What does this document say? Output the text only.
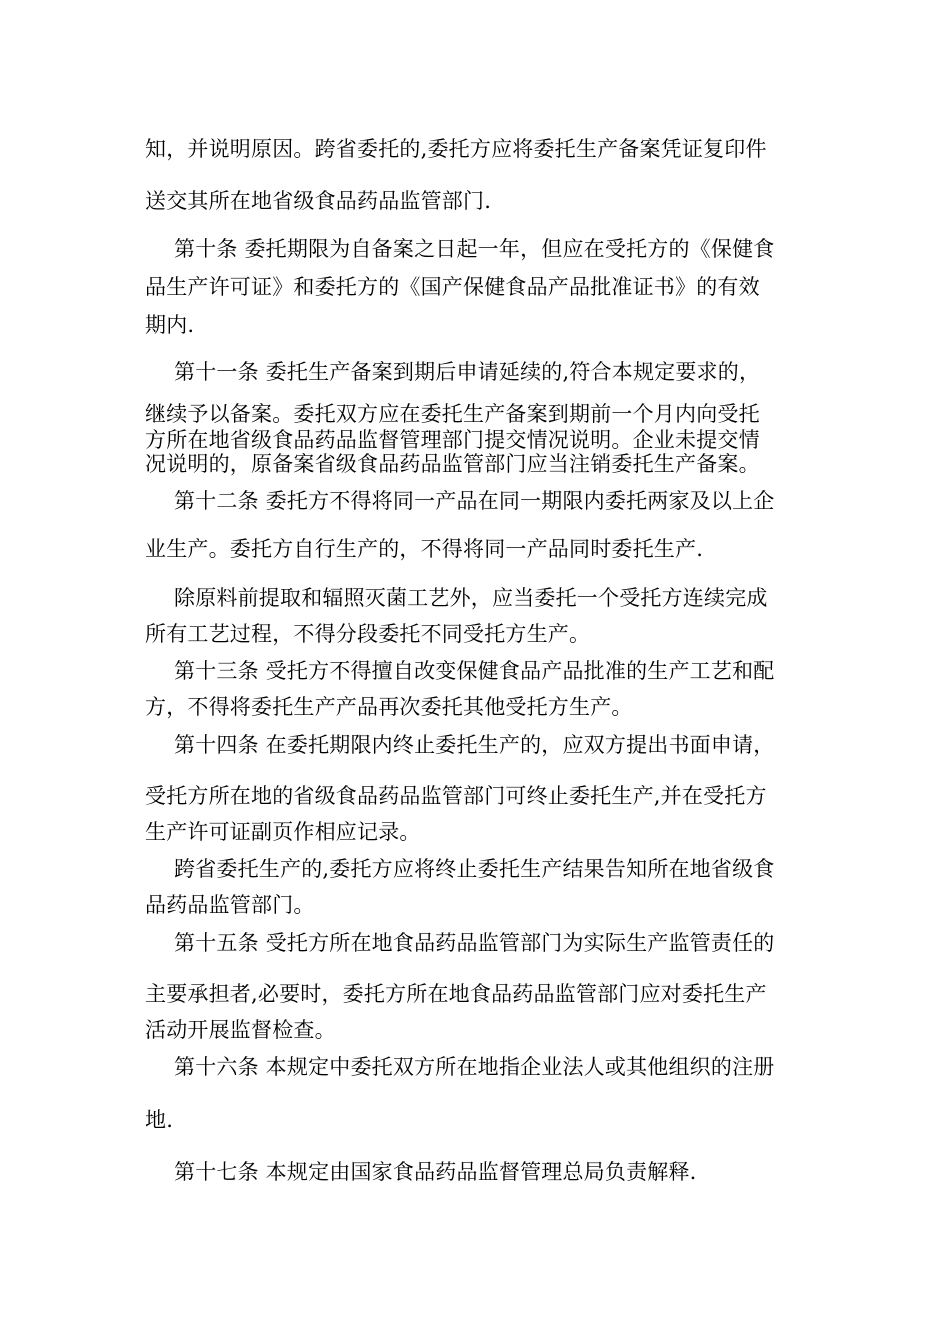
知，并说明原因。跨省委托的,委托方应将委托生产备案凭证复印件
送交其所在地省级食品药品监管部门.
第十条 委托期限为自备案之日起一年，但应在受托方的《保健食
品生产许可证》和委托方的《国产保健食品产品批准证书》的有效
期内.
第十一条 委托生产备案到期后申请延续的,符合本规定要求的，
继续予以备案。委托双方应在委托生产备案到期前一个月内向受托
方所在地省级食品药品监督管理部门提交情况说明。企业未提交情
况说明的，原备案省级食品药品监管部门应当注销委托生产备案。
第十二条 委托方不得将同一产品在同一期限内委托两家及以上企
业生产。委托方自行生产的，不得将同一产品同时委托生产.
除原料前提取和辐照灭菌工艺外，应当委托一个受托方连续完成
所有工艺过程，不得分段委托不同受托方生产。
第十三条 受托方不得擅自改变保健食品产品批准的生产工艺和配
方，不得将委托生产产品再次委托其他受托方生产。
第十四条 在委托期限内终止委托生产的，应双方提出书面申请，
受托方所在地的省级食品药品监管部门可终止委托生产,并在受托方
生产许可证副页作相应记录。
跨省委托生产的,委托方应将终止委托生产结果告知所在地省级食
品药品监管部门。
第十五条 受托方所在地食品药品监管部门为实际生产监管责任的
主要承担者,必要时，委托方所在地食品药品监管部门应对委托生产
活动开展监督检查。
第十六条 本规定中委托双方所在地指企业法人或其他组织的注册
地.
第十七条 本规定由国家食品药品监督管理总局负责解释.
